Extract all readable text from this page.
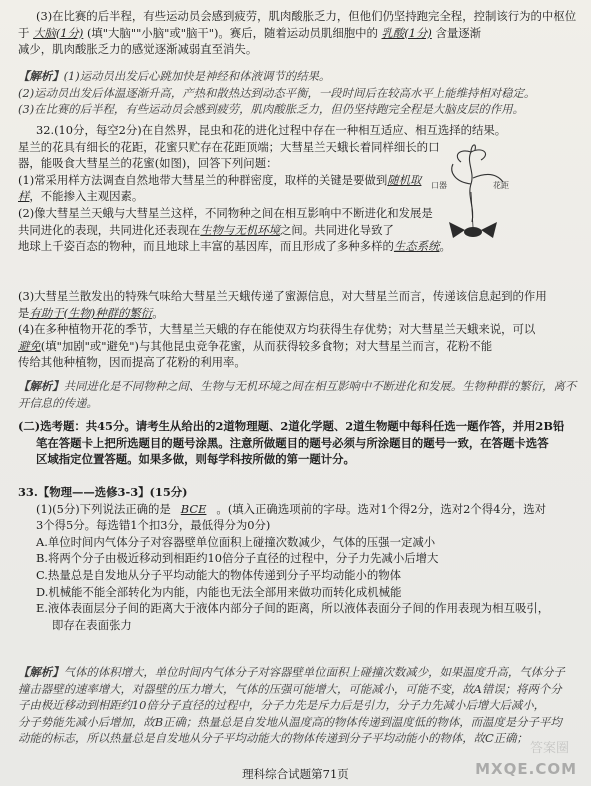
(3)在比赛的后半程，有些运动员会感到疲劳，肌肉酸胀乏力，但他们仍坚持跑完全程，控制该行为的中枢位
于 大脑(1分) (填"大脑""小脑"或"脑干")。赛后，随着运动员肌细胞中的 乳酸(1分) 含量逐渐
减少，肌肉酸胀乏力的感觉逐渐减弱直至消失。
【解析】(1)运动员出发后心跳加快是神经和体液调节的结果。
(2)运动员出发后体温逐渐升高，产热和散热达到动态平衡，一段时间后在较高水平上能维持相对稳定。
(3)在比赛的后半程，有些运动员会感到疲劳，肌肉酸胀乏力，但仍坚持跑完全程是大脑皮层的作用。
32.(10分，每空2分)在自然界，昆虫和花的进化过程中存在一种相互适应、相互选择的结果。
星兰的花具有细长的花距，花蜜只贮存在花距顶端；大彗星兰天蛾长着同样细长的口
器，能吸食大彗星兰的花蜜(如图)，回答下列问题：
(1)常采用样方法调查自然地带大彗星兰的种群密度，取样的关键是要做到随机取
样，不能掺入主观因素。
(2)像大彗星兰天蛾与大彗星兰这样，不同物种之间在相互影响中不断进化和发展是
共同进化的表现，共同进化还表现在生物与无机环境之间。共同进化导致了
地球上千姿百态的物种，而且地球上丰富的基因库，而且形成了多种多样的生态系统。
(3)大彗星兰散发出的特殊气味给大彗星兰天蛾传递了蜜源信息，对大彗星兰而言，传递该信息起到的作用
是有助于(生物)种群的繁衍。
(4)在多种植物开花的季节，大彗星兰天蛾的存在能使双方均获得生存优势；对大彗星兰天蛾来说，可以
避免(填"加剧"或"避免")与其他昆虫竞争花蜜，从而获得较多食物；对大彗星兰而言，花粉不能
传给其他种植物，因而提高了花粉的利用率。
口器	花距
【解析】共同进化是不同物种之间、生物与无机环境之间在相互影响中不断进化和发展。生物种群的繁衍，离不
开信息的传递。
(二)选考题：共45分。请考生从给出的2道物理题、2道化学题、2道生物题中每科任选一题作答，并用2B铅
笔在答题卡上把所选题目的题号涂黑。注意所做题目的题号必须与所涂题目的题号一致，在答题卡选答
区域指定位置答题。如果多做，则每学科按所做的第一题计分。
33.【物理——选修3-3】(15分)
(1)(5分)下列说法正确的是 BCE 。(填入正确选项前的字母。选对1个得2分，选对2个得4分，选对
3个得5分。每选错1个扣3分，最低得分为0分)
A.单位时间内气体分子对容器壁单位面积上碰撞次数减少，气体的压强一定减小
B.将两个分子由极近移动到相距约10倍分子直径的过程中，分子力先减小后增大
C.热量总是自发地从分子平均动能大的物体传递到分子平均动能小的物体
D.机械能不能全部转化为内能，内能也无法全部用来做功而转化成机械能
E.液体表面层分子间的距离大于液体内部分子间的距离，所以液体表面分子间的作用表现为相互吸引，
即存在表面张力
【解析】气体的体积增大，单位时间内气体分子对容器壁单位面积上碰撞次数减少，如果温度升高，气体分子
撞击器壁的速率增大，对器壁的压力增大，气体的压强可能增大，可能减小，可能不变，故A错误；将两个分
子由极近移动到相距约10倍分子直径的过程中，分子力先是斥力后是引力，分子力先减小后增大后减小，
分子势能先减小后增加，故B正确；热量总是自发地从温度高的物体传递到温度低的物体，而温度是分子平均
动能的标志，所以热量总是自发地从分子平均动能大的物体传递到分子平均动能小的物体，故C正确；
理科综合试题第71页
答案圈
MXQE.COM
